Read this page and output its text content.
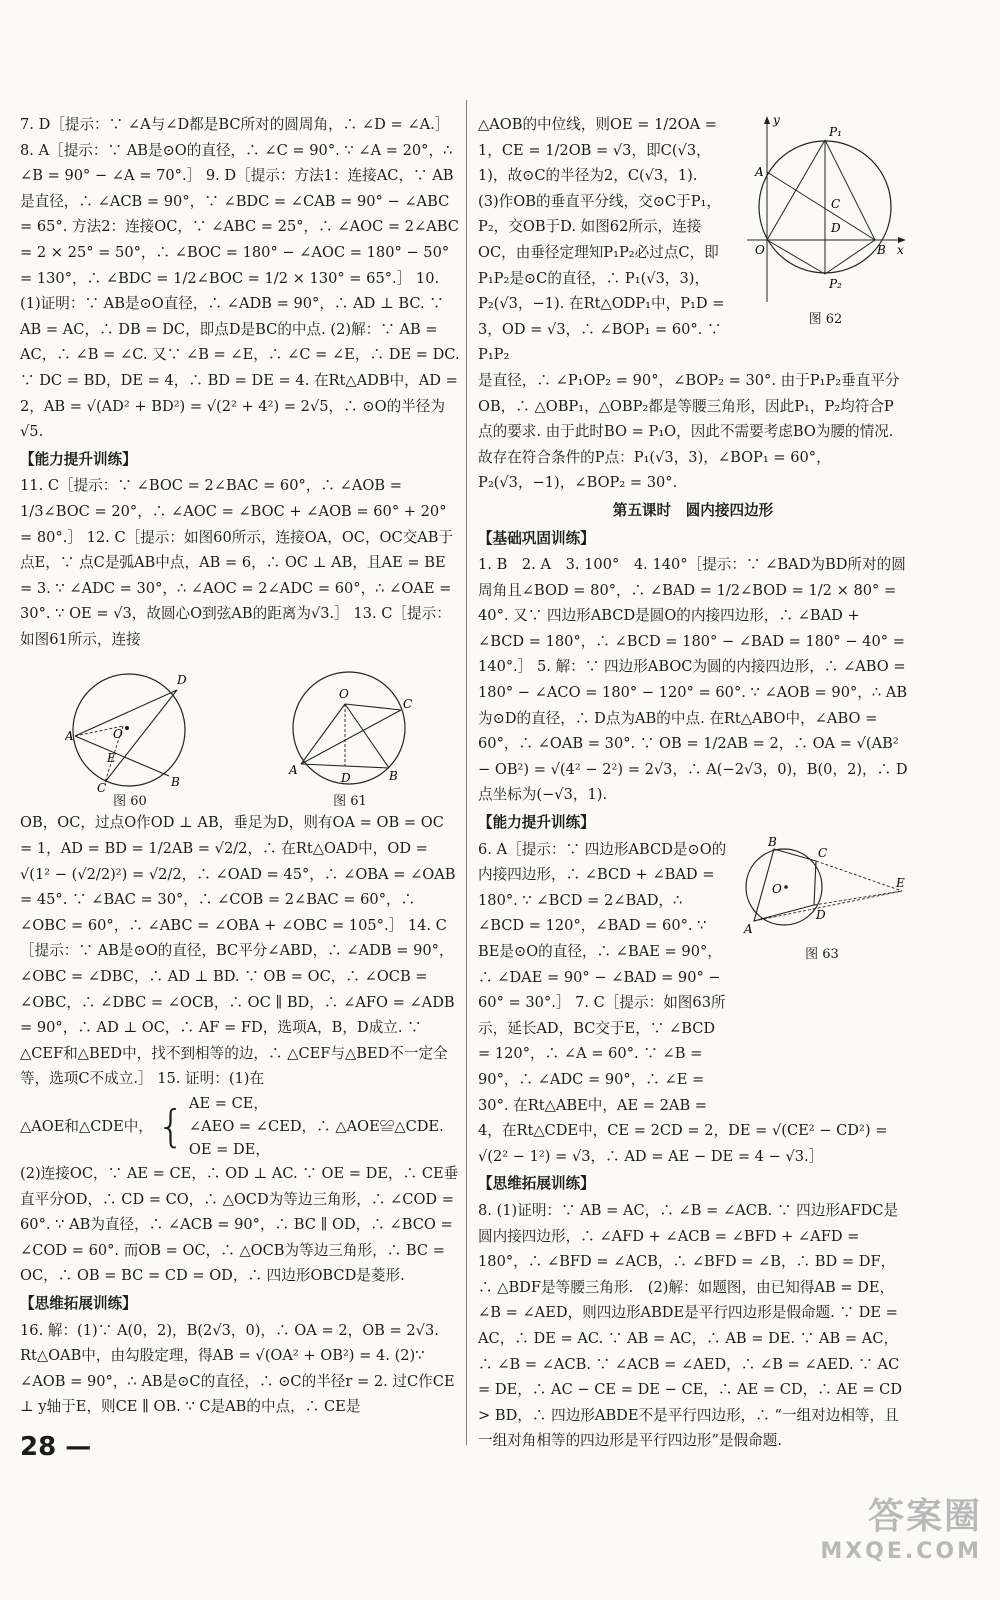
7. D［提示：∵ ∠A与∠D都是BC所对的圆周角，∴ ∠D = ∠A.］ 8. A［提示：∵ AB是⊙O的直径，∴ ∠C = 90°. ∵ ∠A = 20°，∴ ∠B = 90° − ∠A = 70°.］ 9. D［提示：方法1：连接AC，∵ AB是直径，∴ ∠ACB = 90°，∵ ∠BDC = ∠CAB = 90° − ∠ABC = 65°. 方法2：连接OC，∵ ∠ABC = 25°，∴ ∠AOC = 2∠ABC = 2 × 25° = 50°，∴ ∠BOC = 180° − ∠AOC = 180° − 50° = 130°，∴ ∠BDC = 1/2∠BOC = 1/2 × 130° = 65°.］ 10. (1)证明：∵ AB是⊙O直径，∴ ∠ADB = 90°，∴ AD ⊥ BC. ∵ AB = AC，∴ DB = DC，即点D是BC的中点. (2)解：∵ AB = AC，∴ ∠B = ∠C. 又∵ ∠B = ∠E，∴ ∠C = ∠E，∴ DE = DC. ∵ DC = BD，DE = 4，∴ BD = DE = 4. 在Rt△ADB中，AD = 2，AB = √(AD² + BD²) = √(2² + 4²) = 2√5，∴ ⊙O的半径为√5.

【能力提升训练】

11. C［提示：∵ ∠BOC = 2∠BAC = 60°，∴ ∠AOB = 1/3∠BOC = 20°，∴ ∠AOC = ∠BOC + ∠AOB = 60° + 20° = 80°.］ 12. C［提示：如图60所示，连接OA，OC，OC交AB于点E，∵ 点C是弧AB中点，AB = 6，∴ OC ⊥ AB，且AE = BE = 3. ∵ ∠ADC = 30°，∴ ∠AOC = 2∠ADC = 60°，∴ ∠OAE = 30°. ∵ OE = √3，故圆心O到弦AB的距离为√3.］ 13. C［提示：如图61所示，连接

D
A	O
E
C	B
图 60
O
C
A
D	B
图 61

OB，OC，过点O作OD ⊥ AB，垂足为D，则有OA = OB = OC = 1，AD = BD = 1/2AB = √2/2，∴ 在Rt△OAD中，OD = √(1² − (√2/2)²) = √2/2，∴ ∠OAD = 45°，∴ ∠OBA = ∠OAB = 45°. ∵ ∠BAC = 30°，∴ ∠COB = 2∠BAC = 60°，∴ ∠OBC = 60°，∴ ∠ABC = ∠OBA + ∠OBC = 105°.］ 14. C［提示：∵ AB是⊙O的直径，BC平分∠ABD，∴ ∠ADB = 90°，∠OBC = ∠DBC，∴ AD ⊥ BD. ∵ OB = OC，∴ ∠OCB = ∠OBC，∴ ∠DBC = ∠OCB，∴ OC ∥ BD，∴ ∠AFO = ∠ADB = 90°，∴ AD ⊥ OC，∴ AF = FD，选项A，B，D成立. ∵ △CEF和△BED中，找不到相等的边，∴ △CEF与△BED不一定全等，选项C不成立.］ 15. 证明：(1)在

△AOE和△CDE中， { AE = CE，
∠AEO = ∠CED，∴ △AOE≌△CDE.
OE = DE，

(2)连接OC，∵ AE = CE，∴ OD ⊥ AC. ∵ OE = DE，∴ CE垂直平分OD，∴ CD = CO，∴ △OCD为等边三角形，∴ ∠COD = 60°. ∵ AB为直径，∴ ∠ACB = 90°，∴ BC ∥ OD，∴ ∠BCO = ∠COD = 60°. 而OB = OC，∴ △OCB为等边三角形，∴ BC = OC，∴ OB = BC = CD = OD，∴ 四边形OBCD是菱形.

【思维拓展训练】

16. 解：(1)∵ A(0，2)，B(2√3，0)，∴ OA = 2，OB = 2√3. Rt△OAB中，由勾股定理，得AB = √(OA² + OB²) = 4. (2)∵ ∠AOB = 90°，∴ AB是⊙C的直径，∴ ⊙C的半径r = 2. 过C作CE ⊥ y轴于E，则CE ∥ OB. ∵ C是AB的中点，∴ CE是

△AOB的中位线，则OE = 1/2OA = 1，CE = 1/2OB = √3，即C(√3，1)，故⊙C的半径为2，C(√3，1).

(3)作OB的垂直平分线，交⊙C于P₁，P₂，交OB于D. 如图62所示，连接OC，由垂径定理知P₁P₂必过点C，即P₁P₂是⊙C的直径，∴ P₁(√3，3)，P₂(√3，−1). 在Rt△ODP₁中，P₁D = 3，OD = √3，∴ ∠BOP₁ = 60°. ∵ P₁P₂

y
P₁
A
C
D
O	B x
P₂
图 62

是直径，∴ ∠P₁OP₂ = 90°，∠BOP₂ = 30°. 由于P₁P₂垂直平分OB，∴ △OBP₁，△OBP₂都是等腰三角形，因此P₁，P₂均符合P点的要求. 由于此时BO = P₁O，因此不需要考虑BO为腰的情况. 故存在符合条件的P点：P₁(√3，3)，∠BOP₁ = 60°，P₂(√3，−1)，∠BOP₂ = 30°.

第五课时　圆内接四边形
【基础巩固训练】

1. B　2. A　3. 100°　4. 140°［提示：∵ ∠BAD为BD所对的圆周角且∠BOD = 80°，∴ ∠BAD = 1/2∠BOD = 1/2 × 80° = 40°. 又∵ 四边形ABCD是圆O的内接四边形，∴ ∠BAD + ∠BCD = 180°，∴ ∠BCD = 180° − ∠BAD = 180° − 40° = 140°.］ 5. 解：∵ 四边形ABOC为圆的内接四边形，∴ ∠ABO = 180° − ∠ACO = 180° − 120° = 60°. ∵ ∠AOB = 90°，∴ AB为⊙D的直径，∴ D点为AB的中点. 在Rt△ABO中，∠ABO = 60°，∴ ∠OAB = 30°. ∵ OB = 1/2AB = 2，∴ OA = √(AB² − OB²) = √(4² − 2²) = 2√3，∴ A(−2√3，0)，B(0，2)，∴ D点坐标为(−√3，1).

【能力提升训练】

6. A［提示：∵ 四边形ABCD是⊙O的内接四边形，∴ ∠BCD + ∠BAD = 180°. ∵ ∠BCD = 2∠BAD，∴ ∠BCD = 120°，∠BAD = 60°. ∵ BE是⊙O的直径，∴ ∠BAE = 90°，∴ ∠DAE = 90° − ∠BAD = 90° − 60° = 30°.］ 7. C［提示：如图63所示，延长AD，BC交于E，∵ ∠BCD = 120°，∴ ∠A = 60°. ∵ ∠B = 90°，∴ ∠ADC = 90°，∴ ∠E = 30°. 在Rt△ABE中，AE = 2AB =

B
C
O
D
A
E
图 63

4，在Rt△CDE中，CE = 2CD = 2，DE = √(CE² − CD²) = √(2² − 1²) = √3，∴ AD = AE − DE = 4 − √3.］

【思维拓展训练】

8. (1)证明：∵ AB = AC，∴ ∠B = ∠ACB. ∵ 四边形AFDC是圆内接四边形，∴ ∠AFD + ∠ACB = ∠BFD + ∠AFD = 180°，∴ ∠BFD = ∠ACB，∴ ∠BFD = ∠B，∴ BD = DF，∴ △BDF是等腰三角形.　(2)解：如题图，由已知得AB = DE，∠B = ∠AED，则四边形ABDE是平行四边形是假命题. ∵ DE = AC，∴ DE = AC. ∵ AB = AC，∴ AB = DE. ∵ AB = AC，∴ ∠B = ∠ACB. ∵ ∠ACB = ∠AED，∴ ∠B = ∠AED. ∵ AC = DE，∴ AC − CE = DE − CE，∴ AE = CD，∴ AE = CD > BD，∴ 四边形ABDE不是平行四边形，∴ “一组对边相等，且一组对角相等的四边形是平行四边形”是假命题.

28 —
答案圈
MXQE.COM
